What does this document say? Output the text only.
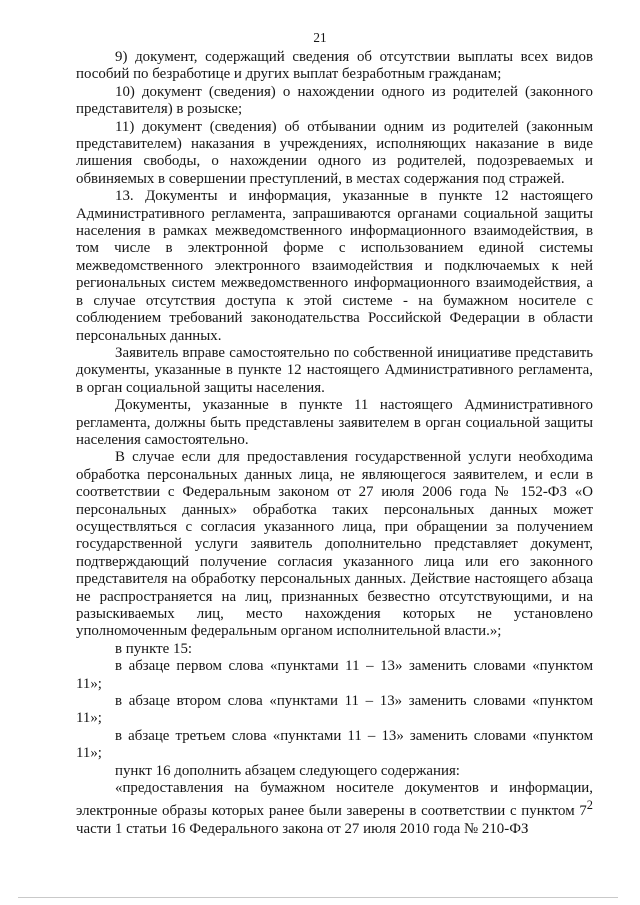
21

9) документ, содержащий сведения об отсутствии выплаты всех видов пособий по безработице и других выплат безработным гражданам;

10) документ (сведения) о нахождении одного из родителей (законного представителя) в розыске;

11) документ (сведения) об отбывании одним из родителей (законным представителем) наказания в учреждениях, исполняющих наказание в виде лишения свободы, о нахождении одного из родителей, подозреваемых и обвиняемых в совершении преступлений, в местах содержания под стражей.

13. Документы и информация, указанные в пункте 12 настоящего Административного регламента, запрашиваются органами социальной защиты населения в рамках межведомственного информационного взаимодействия, в том числе в электронной форме с использованием единой системы межведомственного электронного взаимодействия и подключаемых к ней региональных систем межведомственного информационного взаимодействия, а в случае отсутствия доступа к этой системе - на бумажном носителе с соблюдением требований законодательства Российской Федерации в области персональных данных.

Заявитель вправе самостоятельно по собственной инициативе представить документы, указанные в пункте 12 настоящего Административного регламента, в орган социальной защиты населения.

Документы, указанные в пункте 11 настоящего Административного регламента, должны быть представлены заявителем в орган социальной защиты населения самостоятельно.

В случае если для предоставления государственной услуги необходима обработка персональных данных лица, не являющегося заявителем, и если в соответствии с Федеральным законом от 27 июля 2006 года № 152-ФЗ «О персональных данных» обработка таких персональных данных может осуществляться с согласия указанного лица, при обращении за получением государственной услуги заявитель дополнительно представляет документ, подтверждающий получение согласия указанного лица или его законного представителя на обработку персональных данных. Действие настоящего абзаца не распространяется на лиц, признанных безвестно отсутствующими, и на разыскиваемых лиц, место нахождения которых не установлено уполномоченным федеральным органом исполнительной власти.»;

в пункте 15:

в абзаце первом слова «пунктами 11 – 13» заменить словами «пунктом 11»;

в абзаце втором слова «пунктами 11 – 13» заменить словами «пунктом 11»;

в абзаце третьем слова «пунктами 11 – 13» заменить словами «пунктом 11»;

пункт 16 дополнить абзацем следующего содержания:

«предоставления на бумажном носителе документов и информации, электронные образы которых ранее были заверены в соответствии с пунктом $7^2$ части 1 статьи 16 Федерального закона от 27 июля 2010 года № 210-ФЗ
